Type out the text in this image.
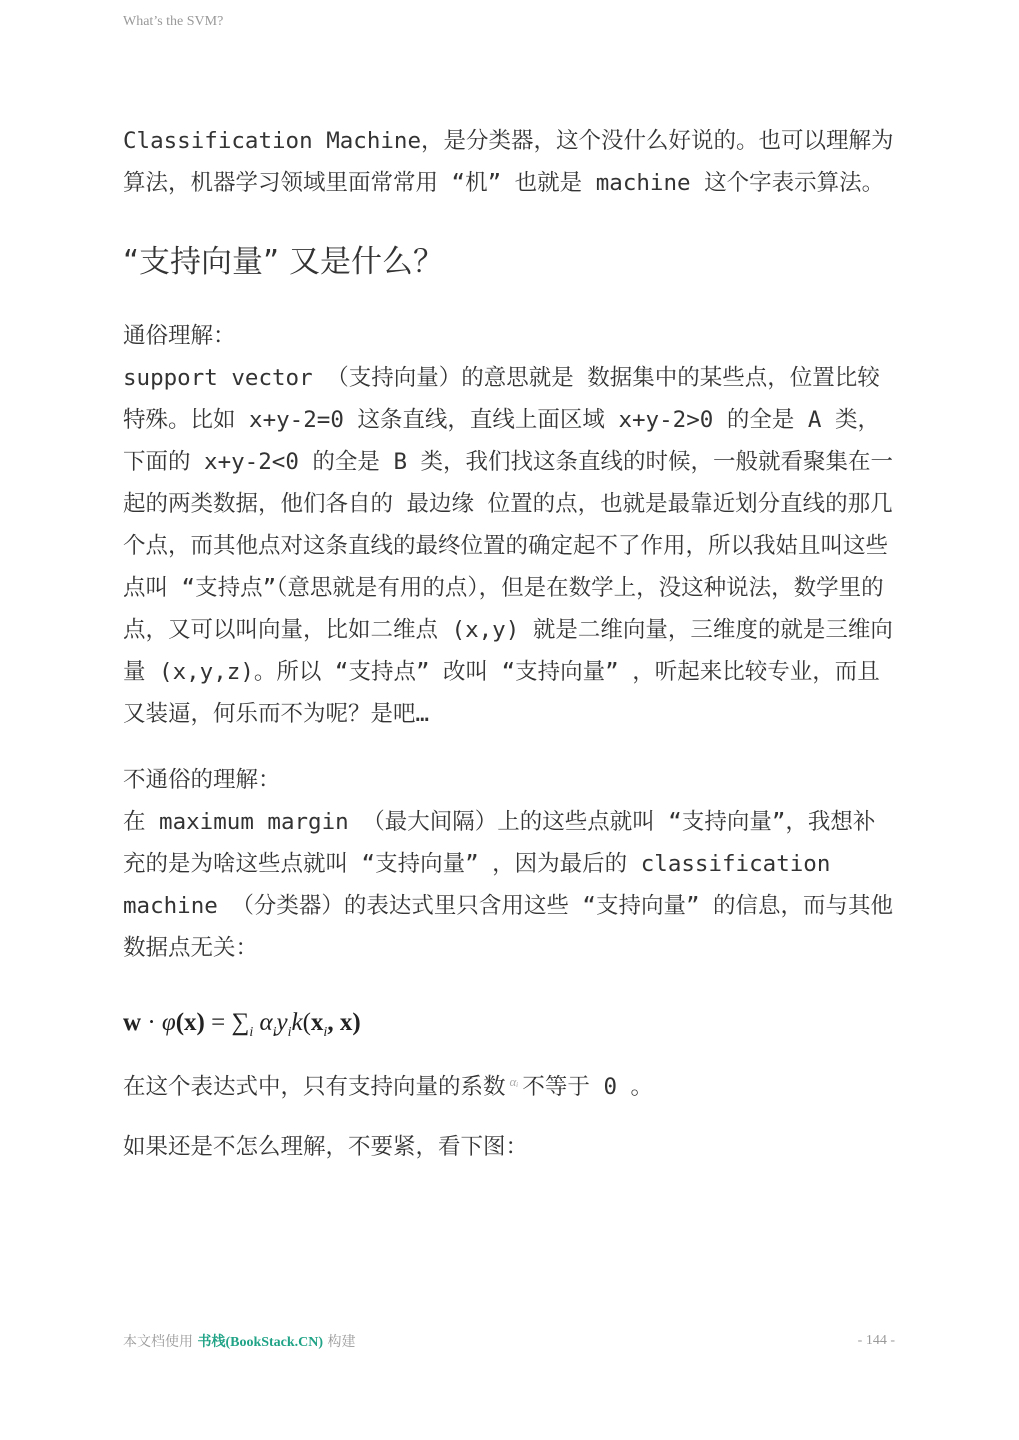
What’s the SVM?

Classification Machine，是分类器，这个没什么好说的。也可以理解为算法，机器学习领域里面常常用 “机” 也就是 machine 这个字表示算法。

“支持向量” 又是什么？

通俗理解：

support vector （支持向量）的意思就是 数据集中的某些点，位置比较特殊。比如 x+y-2=0 这条直线，直线上面区域 x+y-2>0 的全是 A 类，下面的 x+y-2<0 的全是 B 类，我们找这条直线的时候，一般就看聚集在一起的两类数据，他们各自的 最边缘 位置的点，也就是最靠近划分直线的那几个点，而其他点对这条直线的最终位置的确定起不了作用，所以我姑且叫这些点叫 “支持点”（意思就是有用的点），但是在数学上，没这种说法，数学里的点，又可以叫向量，比如二维点 (x,y) 就是二维向量，三维度的就是三维向量 (x,y,z)。所以 “支持点” 改叫 “支持向量” ，听起来比较专业，而且又装逼，何乐而不为呢？是吧…

不通俗的理解：

在 maximum margin （最大间隔）上的这些点就叫 “支持向量”，我想补充的是为啥这些点就叫 “支持向量” ，因为最后的 classification machine （分类器）的表达式里只含用这些 “支持向量” 的信息，而与其他数据点无关：

$w \cdot \varphi(x) = \sum_i$ $\alpha_iy_ik(x_i$, x)

在这个表达式中，只有支持向量的系数 $^{\alpha ᵢ}$ 不等于 0 。

如果还是不怎么理解，不要紧，看下图：

本文档使用 书栈(BookStack.CN) 构建	- 144 -
